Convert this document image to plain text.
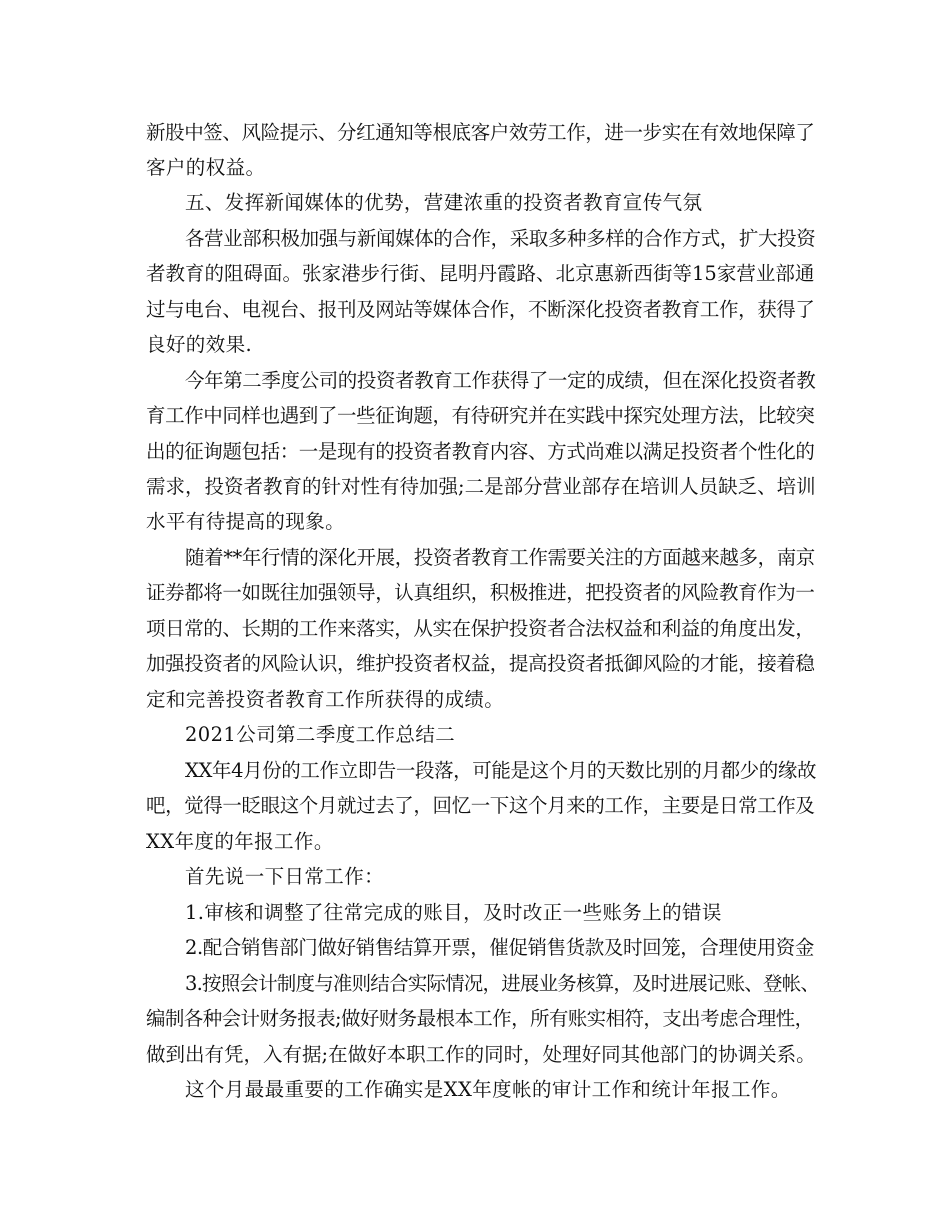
新股中签、风险提示、分红通知等根底客户效劳工作，进一步实在有效地保障了
客户的权益。
五、发挥新闻媒体的优势，营建浓重的投资者教育宣传气氛
各营业部积极加强与新闻媒体的合作，采取多种多样的合作方式，扩大投资
者教育的阻碍面。张家港步行街、昆明丹霞路、北京惠新西街等15家营业部通
过与电台、电视台、报刊及网站等媒体合作，不断深化投资者教育工作，获得了
良好的效果.
今年第二季度公司的投资者教育工作获得了一定的成绩，但在深化投资者教
育工作中同样也遇到了一些征询题，有待研究并在实践中探究处理方法，比较突
出的征询题包括：一是现有的投资者教育内容、方式尚难以满足投资者个性化的
需求，投资者教育的针对性有待加强;二是部分营业部存在培训人员缺乏、培训
水平有待提高的现象。
随着**年行情的深化开展，投资者教育工作需要关注的方面越来越多，南京
证券都将一如既往加强领导，认真组织，积极推进，把投资者的风险教育作为一
项日常的、长期的工作来落实，从实在保护投资者合法权益和利益的角度出发，
加强投资者的风险认识，维护投资者权益，提高投资者抵御风险的才能，接着稳
定和完善投资者教育工作所获得的成绩。
2021公司第二季度工作总结二
XX年4月份的工作立即告一段落，可能是这个月的天数比别的月都少的缘故
吧，觉得一眨眼这个月就过去了，回忆一下这个月来的工作，主要是日常工作及
XX年度的年报工作。
首先说一下日常工作：
1.审核和调整了往常完成的账目，及时改正一些账务上的错误
2.配合销售部门做好销售结算开票，催促销售货款及时回笼，合理使用资金
3.按照会计制度与准则结合实际情况，进展业务核算，及时进展记账、登帐、
编制各种会计财务报表;做好财务最根本工作，所有账实相符，支出考虑合理性，
做到出有凭，入有据;在做好本职工作的同时，处理好同其他部门的协调关系。
这个月最最重要的工作确实是XX年度帐的审计工作和统计年报工作。
